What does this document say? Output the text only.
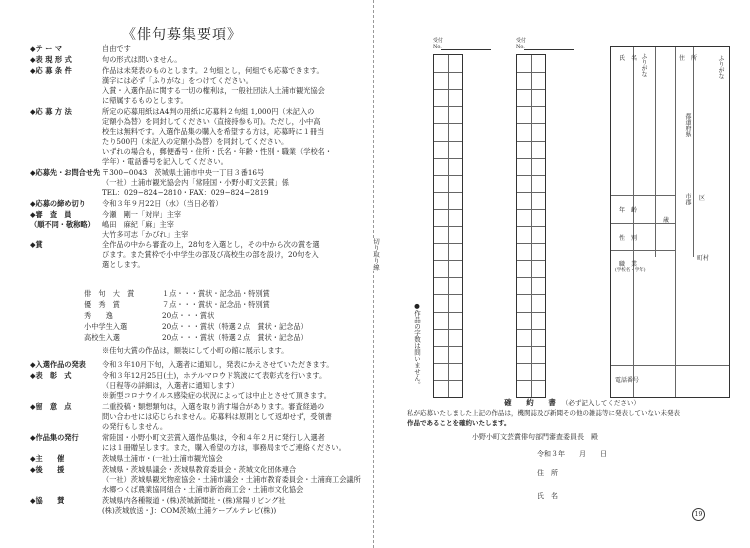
《俳句募集要項》
◆テ ー マ	自由です
◆表 現 形 式	句の形式は問いません。
◆応 募 条 件	作品は未発表のものとします。２句組とし，何組でも応募できます。
漢字には必ず「ふりがな」をつけてください。
入賞・入選作品に関する一切の権利は，一般社団法人土浦市観光協会
に帰属するものとします。
◆応 募 方 法	所定の応募用紙はA4判の用紙に応募料２句組 1,000円（未記入の
定額小為替）を同封してください（直接持参も可)。ただし，小中高
校生は無料です。入選作品集の購入を希望する方は，応募時に１冊当
たり500円（未記入の定額小為替）を同封してください。
いずれの場合も，郵便番号・住所・氏名・年齢・性別・職業（学校名・
学年）・電話番号を記入してください。
◆応募先・お問合せ先 〒300−0043　茨城県土浦市中央一丁目３番16号
（一社）土浦市観光協会内「常陸国・小野小町文芸賞」係
TEL：029−824−2810・FAX：029−824−2819
◆応募の締め切り	令和３年９月22日（水）（当日必着）
◆審　査　員	今瀬　剛一「対岸」主宰
（順不同・敬称略） 嶋田　麻紀「麻」主宰
大竹多可志「かびれ」主宰
◆賞	全作品の中から審査の上，28句を入選とし，その中から次の賞を選
びます。また賞枠で小中学生の部及び高校生の部を設け，20句を入
選とします。
俳　句　大　賞	１点・・・賞状・記念品・特別賞
優　秀　賞	７点・・・賞状・記念品・特別賞
秀　　逸	20点・・・賞状
小中学生入選	20点・・・賞状（特選２点　賞状・記念品）
高校生入選	20点・・・賞状（特選２点　賞状・記念品）
※佳句大賞の作品は，額装にして小町の館に展示します。
◆入選作品の発表	令和３年10月下旬，入選者に通知し，発表にかえさせていただきます。
◆表　彰　式	令和３年12月25日(土)，ホテルマロウド筑波にて表彰式を行います。
（日程等の詳細は，入選者に通知します）
※新型コロナウイルス感染症の状況によっては中止とさせて頂きます。
◆留　意　点	二重投稿・類想類句は，入選を取り消す場合があります。審査経過の
問い合わせには応じられません。応募料は原則として返却せず，受領書
の発行もしません。
◆作品集の発行	常陸国・小野小町文芸賞入選作品集は，令和４年２月に発行し入選者
には１冊贈呈します。また，購入希望の方は，事務局までご連絡ください。
◆主　　催	茨城県土浦市・(一社)土浦市観光協会
◆後　　援	茨城県・茨城県議会・茨城県教育委員会・茨城文化団体連合
（一社）茨城県観光物産協会・土浦市議会・土浦市教育委員会・土浦商工会議所
水郷つくば農業協同組合・土浦市新治商工会・土浦市文化協会
◆協　　賛	茨城県内各種報道・(株)茨城新聞社・(株)常陽リビング社
(株)茨城放送・J：COM茨城(土浦ケーブルテレビ(株))
切り取り線
受付
No.
受付
No.
●作品の字数は問いません。
氏　名 ふりがな	住　所	ふりがな
都道府県
市郡
町村
区
年　齢
歳
性　別
職　業
(学校名・学年)
電話番号
確 約 書（必ず記入してください）
私が応募いたしました上記の作品は，機関誌及び新聞その他の雑誌等に発表していない未発表
作品であることを確約いたします。
小野小町文芸賞俳句部門審査委員長　殿
令和３年　　月　　日
住　所
氏　名
19
